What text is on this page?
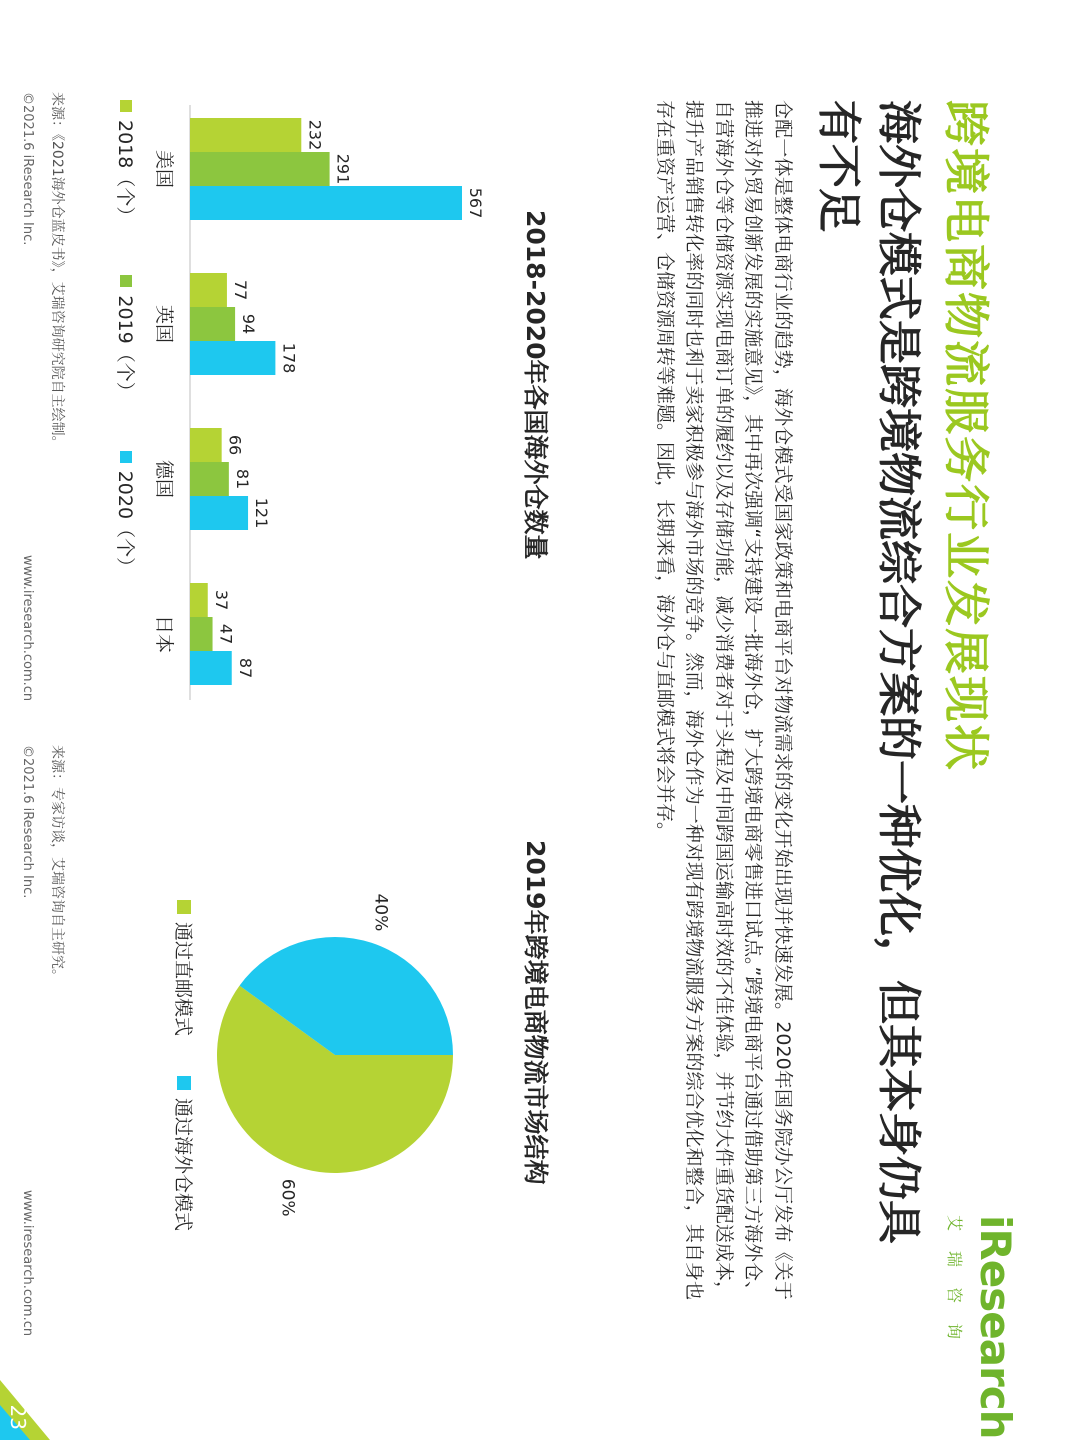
跨境电商物流服务行业发展现状
海外仓模式是跨境物流综合方案的一种优化，但其本身仍具有不足
仓配一体是整体电商行业的趋势，海外仓模式受国家政策和电商平台对物流需求的变化开始出现并快速发展。2020年国务院办公厅发布《关于推进对外贸易创新发展的实施意见》，其中再次强调“支持建设一批海外仓，扩大跨境电商零售进口试点。”跨境电商平台通过借助第三方海外仓、自营海外仓等仓储资源实现电商订单的履约以及存储功能，减少消费者对于头程及中间跨国运输高时效的不佳体验，并节约大件重货配送成本，提升产品销售转化率的同时也利于卖家积极参与海外市场的竞争。然而，海外仓作为一种对现有跨境物流服务方案的综合优化和整合，其自身也存在重资产运营、仓储资源周转等难题。因此，长期来看，海外仓与直邮模式将会并存。
iResearch
艾瑞咨询
2018-2020年各国海外仓数量
232
291
567
美国
77
94
178
英国
66
81
121
德国
37
47
87
日本
2018（个）
2019（个）
2020（个）
2019年跨境电商物流市场结构
60%
40%
通过直邮模式
通过海外仓模式
来源：《2021海外仓蓝皮书》，艾瑞咨询研究院自主绘制。
来源：专家访谈，艾瑞咨询自主研究。
©2021.6 iResearch Inc.
©2021.6 iResearch Inc.
www.iresearch.com.cn
www.iresearch.com.cn
23
